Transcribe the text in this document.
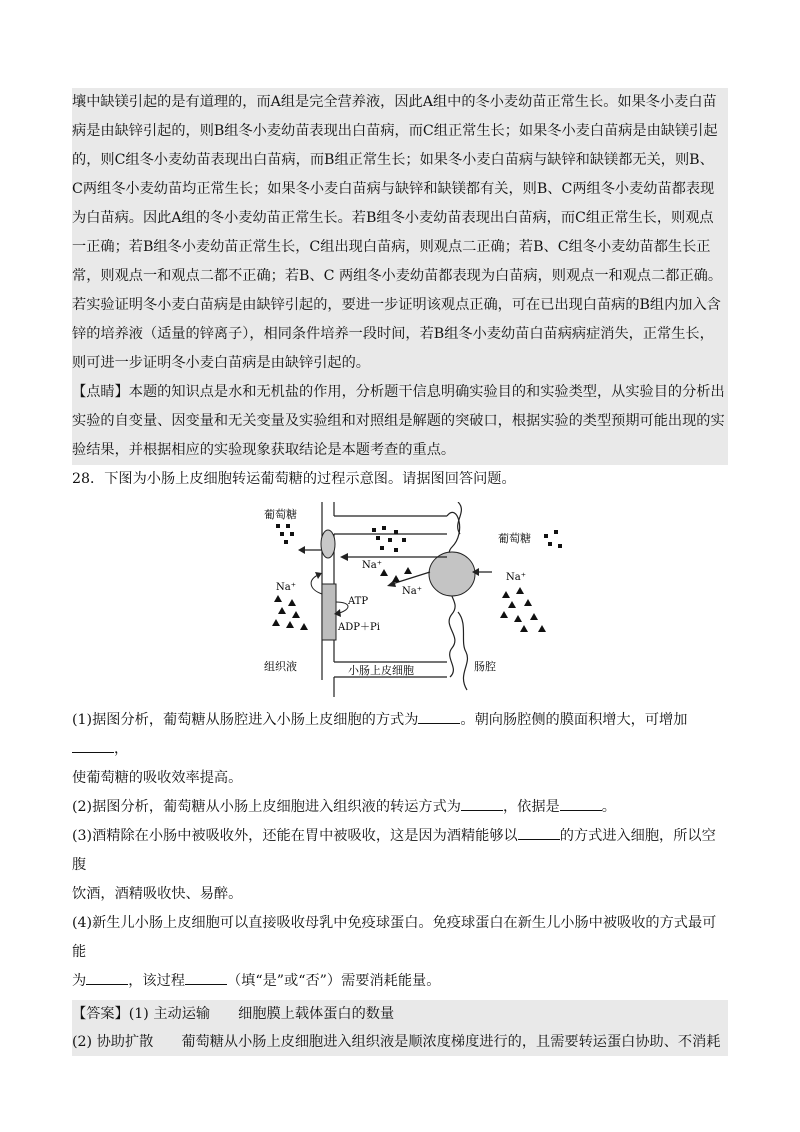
壤中缺镁引起的是有道理的，而A组是完全营养液，因此A组中的冬小麦幼苗正常生长。如果冬小麦白苗
病是由缺锌引起的，则B组冬小麦幼苗表现出白苗病，而C组正常生长；如果冬小麦白苗病是由缺镁引起
的，则C组冬小麦幼苗表现出白苗病，而B组正常生长；如果冬小麦白苗病与缺锌和缺镁都无关，则B、
C两组冬小麦幼苗均正常生长；如果冬小麦白苗病与缺锌和缺镁都有关，则B、C两组冬小麦幼苗都表现
为白苗病。因此A组的冬小麦幼苗正常生长。若B组冬小麦幼苗表现出白苗病，而C组正常生长，则观点
一正确；若B组冬小麦幼苗正常生长，C组出现白苗病，则观点二正确；若B、C组冬小麦幼苗都生长正
常，则观点一和观点二都不正确；若B、C 两组冬小麦幼苗都表现为白苗病，则观点一和观点二都正确。
若实验证明冬小麦白苗病是由缺锌引起的，要进一步证明该观点正确，可在已出现白苗病的B组内加入含
锌的培养液（适量的锌离子），相同条件培养一段时间，若B组冬小麦幼苗白苗病病症消失，正常生长，
则可进一步证明冬小麦白苗病是由缺锌引起的。
【点睛】本题的知识点是水和无机盐的作用，分析题干信息明确实验目的和实验类型，从实验目的分析出
实验的自变量、因变量和无关变量及实验组和对照组是解题的突破口，根据实验的类型预期可能出现的实
验结果，并根据相应的实验现象获取结论是本题考查的重点。
28．下图为小肠上皮细胞转运葡萄糖的过程示意图。请据图回答问题。
葡萄糖
葡萄糖
Na⁺
Na⁺
Na⁺
Na⁺
ATP
ADP＋Pi
组织液	小肠上皮细胞	肠腔
(1)据图分析，葡萄糖从肠腔进入小肠上皮细胞的方式为	。朝向肠腔侧的膜面积增大，可增加，
使葡萄糖的吸收效率提高。
(2)据图分析，葡萄糖从小肠上皮细胞进入组织液的转运方式为	，依据是	。
(3)酒精除在小肠中被吸收外，还能在胃中被吸收，这是因为酒精能够以	的方式进入细胞，所以空腹
饮酒，酒精吸收快、易醉。
(4)新生儿小肠上皮细胞可以直接吸收母乳中免疫球蛋白。免疫球蛋白在新生儿小肠中被吸收的方式最可能
为	，该过程	（填“是”或“否”）需要消耗能量。
【答案】(1) 主动运输 细胞膜上载体蛋白的数量
(2) 协助扩散 葡萄糖从小肠上皮细胞进入组织液是顺浓度梯度进行的，且需要转运蛋白协助、不消耗
